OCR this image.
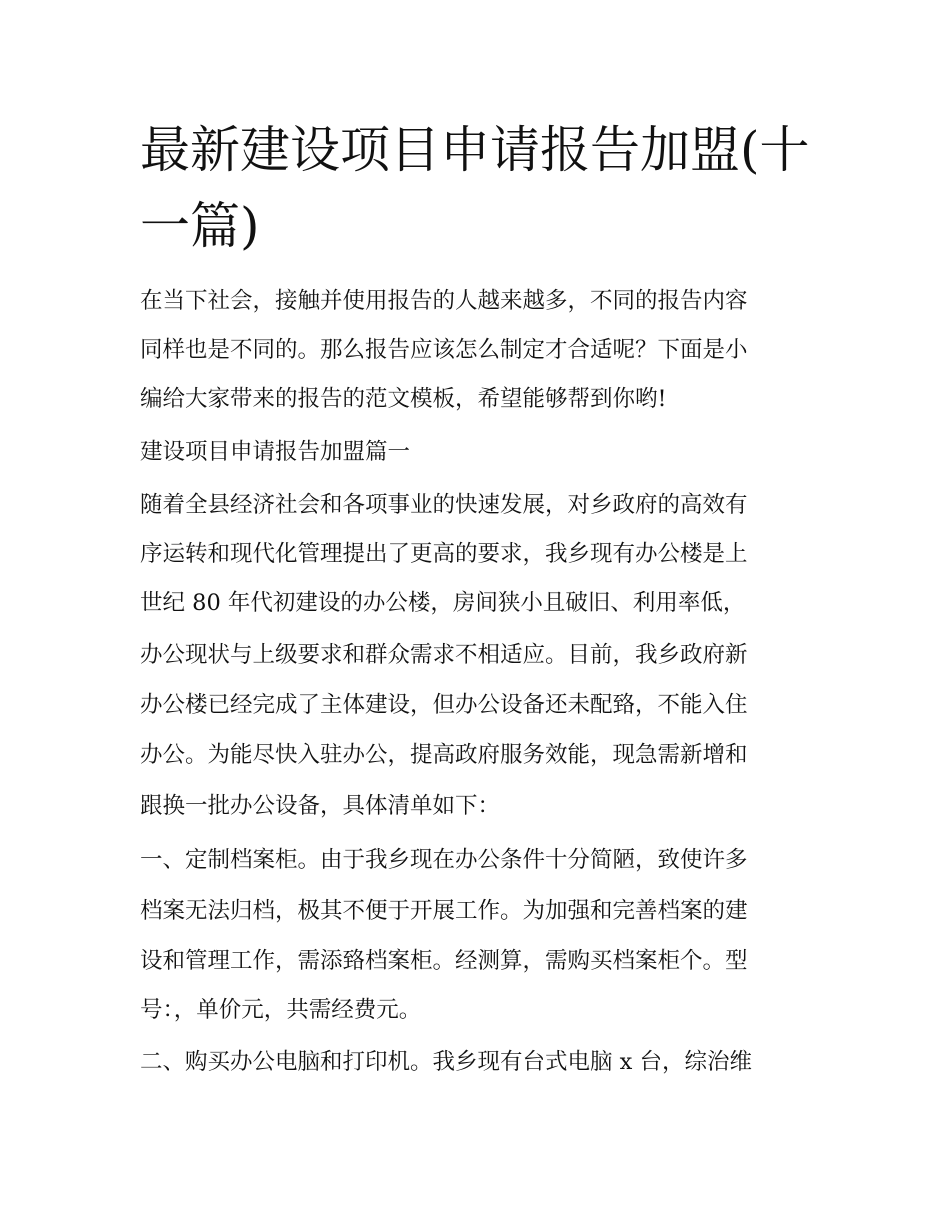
最新建设项目申请报告加盟(十
一篇)

在当下社会，接触并使用报告的人越来越多，不同的报告内容

同样也是不同的。那么报告应该怎么制定才合适呢？下面是小

编给大家带来的报告的范文模板，希望能够帮到你哟!

建设项目申请报告加盟篇一

随着全县经济社会和各项事业的快速发展，对乡政府的高效有

序运转和现代化管理提出了更高的要求，我乡现有办公楼是上

世纪 80 年代初建设的办公楼，房间狭小且破旧、利用率低，

办公现状与上级要求和群众需求不相适应。目前，我乡政府新

办公楼已经完成了主体建设，但办公设备还未配臵，不能入住

办公。为能尽快入驻办公，提高政府服务效能，现急需新增和

跟换一批办公设备，具体清单如下：

一、定制档案柜。由于我乡现在办公条件十分简陋，致使许多

档案无法归档，极其不便于开展工作。为加强和完善档案的建

设和管理工作，需添臵档案柜。经测算，需购买档案柜个。型

号：，单价元，共需经费元。

二、购买办公电脑和打印机。我乡现有台式电脑 x 台，综治维
